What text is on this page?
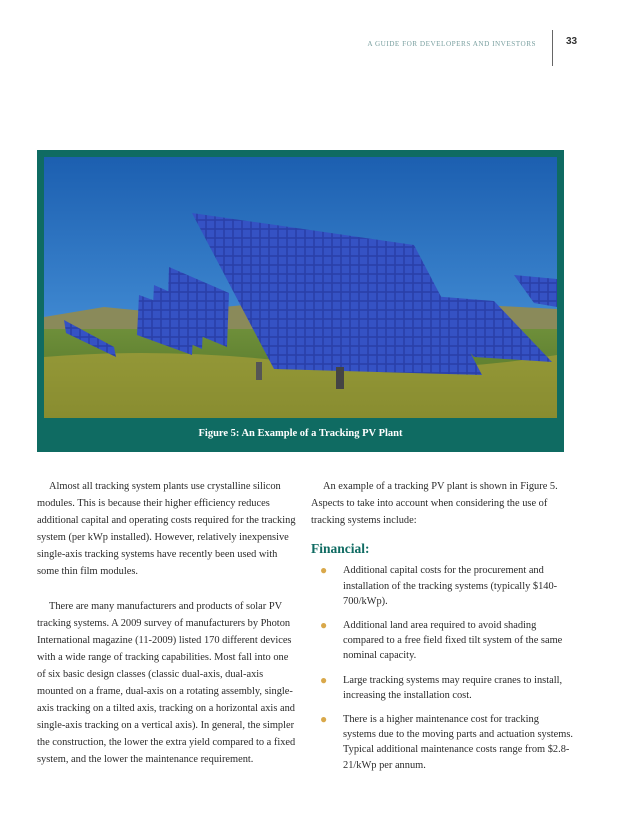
A GUIDE FOR DEVELOPERS AND INVESTORS	33
Figure 5: An Example of a Tracking PV Plant

Almost all tracking system plants use crystalline silicon modules. This is because their higher efficiency reduces additional capital and operating costs required for the tracking system (per kWp installed). However, relatively inexpensive single-axis tracking systems have recently been used with some thin film modules.

There are many manufacturers and products of solar PV tracking systems. A 2009 survey of manufacturers by Photon International magazine (11-2009) listed 170 different devices with a wide range of tracking capabilities. Most fall into one of six basic design classes (classic dual-axis, dual-axis mounted on a frame, dual-axis on a rotating assembly, single-axis tracking on a tilted axis, tracking on a horizontal axis and single-axis tracking on a vertical axis). In general, the simpler the construction, the lower the extra yield compared to a fixed system, and the lower the maintenance requirement.

An example of a tracking PV plant is shown in Figure 5. Aspects to take into account when considering the use of tracking systems include:

Financial:
● Additional capital costs for the procurement and installation of the tracking systems (typically $140-700/kWp).
● Additional land area required to avoid shading compared to a free field fixed tilt system of the same nominal capacity.
● Large tracking systems may require cranes to install, increasing the installation cost.
● There is a higher maintenance cost for tracking systems due to the moving parts and actuation systems. Typical additional maintenance costs range from $2.8-21/kWp per annum.
